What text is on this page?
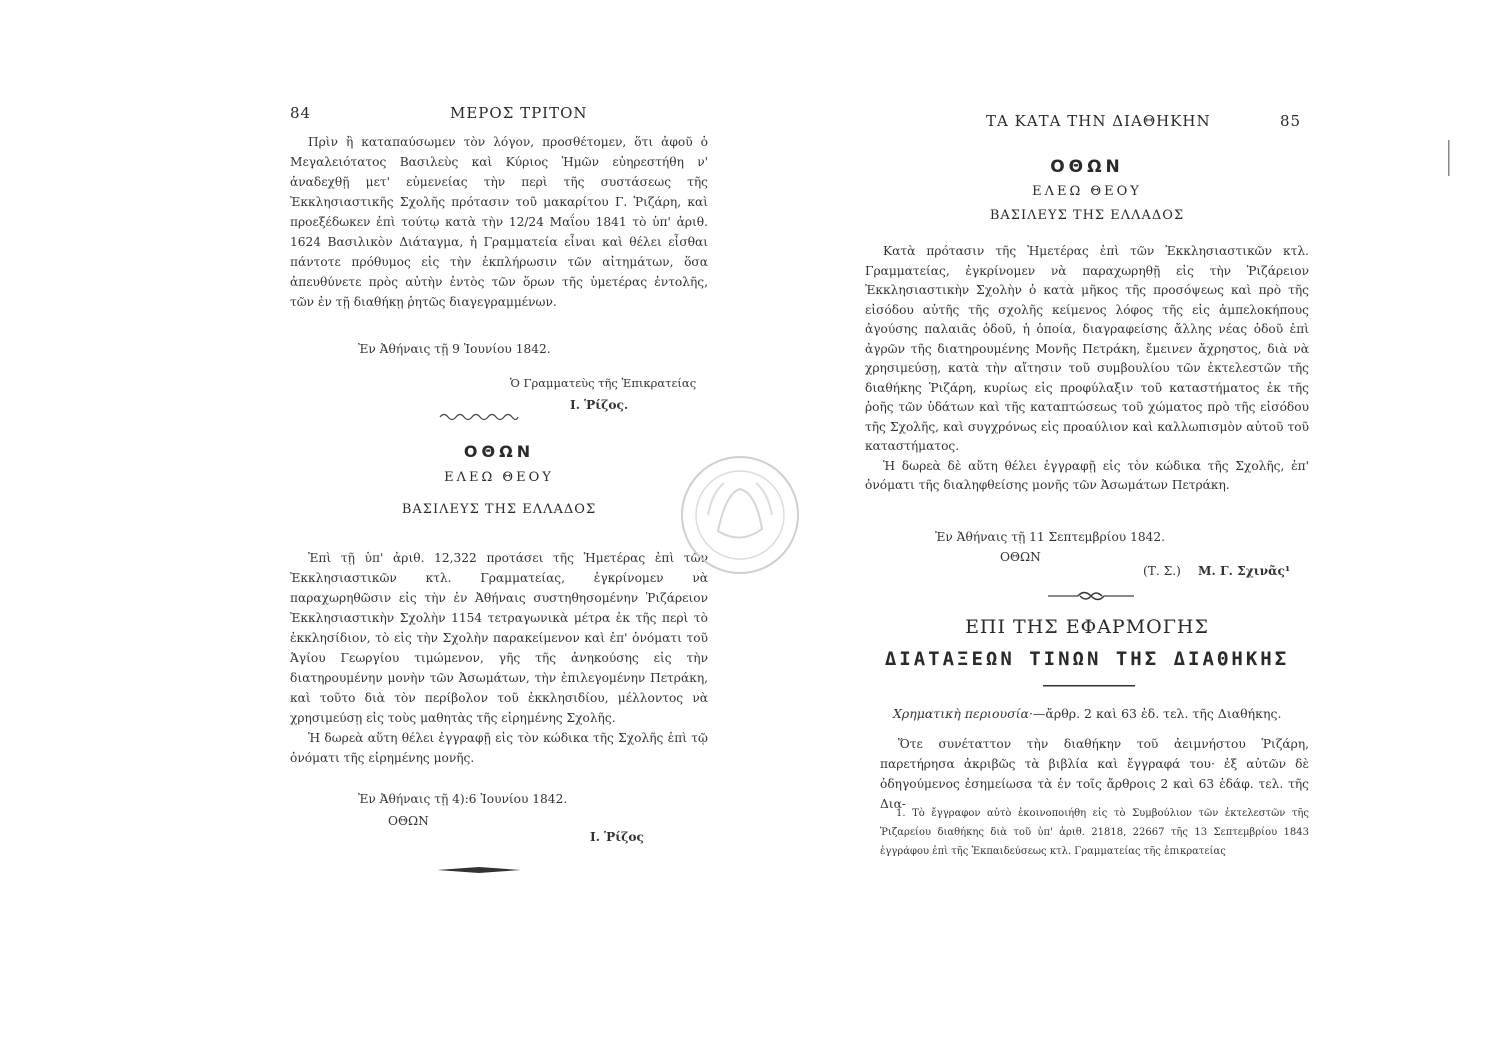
84	ΜΕΡΟΣ ΤΡΙΤΟΝ

Πρὶν ἢ καταπαύσωμεν τὸν λόγον, προσθέτομεν, ὅτι ἀφοῦ ὁ Μεγαλειότατος Βασιλεὺς καὶ Κύριος Ἡμῶν εὐηρεστήθη ν' ἀναδεχθῇ μετ' εὐμενείας τὴν περὶ τῆς συστάσεως τῆς Ἐκκλησιαστικῆς Σχολῆς πρότασιν τοῦ μακαρίτου Γ. Ῥιζάρη, καὶ προεξέδωκεν ἐπὶ τούτῳ κατὰ τὴν 12/24 Μαΐου 1841 τὸ ὑπ' ἀριθ. 1624 Βασιλικὸν Διάταγμα, ἡ Γραμματεία εἶναι καὶ θέλει εἶσθαι πάντοτε πρόθυμος εἰς τὴν ἐκπλήρωσιν τῶν αἰτημάτων, ὅσα ἀπευθύνετε πρὸς αὐτὴν ἐντὸς τῶν ὅρων τῆς ὑμετέρας ἐντολῆς, τῶν ἐν τῇ διαθήκῃ ῥητῶς διαγεγραμμένων.

Ἐν Ἀθήναις τῇ 9 Ἰουνίου 1842.
Ὁ Γραμματεὺς τῆς Ἐπικρατείας
Ι. Ῥίζος.
ΟΘΩΝ
ΕΛΕΩ ΘΕΟΥ
ΒΑΣΙΛΕΥΣ ΤΗΣ ΕΛΛΑΔΟΣ

Ἐπὶ τῇ ὑπ' ἀριθ. 12,322 προτάσει τῆς Ἡμετέρας ἐπὶ τῶν Ἐκκλησιαστικῶν κτλ. Γραμματείας, ἐγκρίνομεν νὰ παραχωρηθῶσιν εἰς τὴν ἐν Ἀθήναις συστηθησομένην Ῥιζάρειον Ἐκκλησιαστικὴν Σχολὴν 1154 τετραγωνικὰ μέτρα ἐκ τῆς περὶ τὸ ἐκκλησίδιον, τὸ εἰς τὴν Σχολὴν παρακείμενον καὶ ἐπ' ὀνόματι τοῦ Ἁγίου Γεωργίου τιμώμενον, γῆς τῆς ἀνηκούσης εἰς τὴν διατηρουμένην μονὴν τῶν Ἀσωμάτων, τὴν ἐπιλεγομένην Πετράκη, καὶ τοῦτο διὰ τὸν περίβολον τοῦ ἐκκλησιδίου, μέλλοντος νὰ χρησιμεύσῃ εἰς τοὺς μαθητὰς τῆς εἰρημένης Σχολῆς.

Ἡ δωρεὰ αὕτη θέλει ἐγγραφῇ εἰς τὸν κώδικα τῆς Σχολῆς ἐπὶ τῷ ὀνόματι τῆς εἰρημένης μονῆς.

Ἐν Ἀθήναις τῇ 4):6 Ἰουνίου 1842.
ΟΘΩΝ
Ι. Ῥίζος
ΤΑ ΚΑΤΑ ΤΗΝ ΔΙΑΘΗΚΗΝ	85
ΟΘΩΝ
ΕΛΕΩ ΘΕΟΥ
ΒΑΣΙΛΕΥΣ ΤΗΣ ΕΛΛΑΔΟΣ

Κατὰ πρότασιν τῆς Ἡμετέρας ἐπὶ τῶν Ἐκκλησιαστικῶν κτλ. Γραμματείας, ἐγκρίνομεν νὰ παραχωρηθῇ εἰς τὴν Ῥιζάρειον Ἐκκλησιαστικὴν Σχολὴν ὁ κατὰ μῆκος τῆς προσόψεως καὶ πρὸ τῆς εἰσόδου αὐτῆς τῆς σχολῆς κείμενος λόφος τῆς εἰς ἀμπελοκήπους ἀγούσης παλαιᾶς ὁδοῦ, ἡ ὁποία, διαγραφείσης ἄλλης νέας ὁδοῦ ἐπὶ ἀγρῶν τῆς διατηρουμένης Μονῆς Πετράκη, ἔμεινεν ἄχρηστος, διὰ νὰ χρησιμεύσῃ, κατὰ τὴν αἴτησιν τοῦ συμβουλίου τῶν ἐκτελεστῶν τῆς διαθήκης Ῥιζάρη, κυρίως εἰς προφύλαξιν τοῦ καταστήματος ἐκ τῆς ῥοῆς τῶν ὑδάτων καὶ τῆς καταπτώσεως τοῦ χώματος πρὸ τῆς εἰσόδου τῆς Σχολῆς, καὶ συγχρόνως εἰς προαύλιον καὶ καλλωπισμὸν αὐτοῦ τοῦ καταστήματος.

Ἡ δωρεὰ δὲ αὕτη θέλει ἐγγραφῇ εἰς τὸν κώδικα τῆς Σχολῆς, ἐπ' ὀνόματι τῆς διαληφθείσης μονῆς τῶν Ἀσωμάτων Πετράκη.

Ἐν Ἀθήναις τῇ 11 Σεπτεμβρίου 1842.
ΟΘΩΝ
(Τ. Σ.) Μ. Γ. Σχινᾶς¹
ΕΠΙ ΤΗΣ ΕΦΑΡΜΟΓΗΣ
ΔΙΑΤΑΞΕΩΝ ΤΙΝΩΝ ΤΗΣ ΔΙΑΘΗΚΗΣ
Χρηματικὴ περιουσία·—ἄρθρ. 2 καὶ 63 ἐδ. τελ. τῆς Διαθήκης.

Ὅτε συνέταττον τὴν διαθήκην τοῦ ἀειμνήστου Ῥιζάρη, παρετήρησα ἀκριβῶς τὰ βιβλία καὶ ἔγγραφά του· ἐξ αὐτῶν δὲ ὁδηγούμενος ἐσημείωσα τὰ ἐν τοῖς ἄρθροις 2 καὶ 63 ἐδάφ. τελ. τῆς Δια-

1. Τὸ ἔγγραφον αὐτὸ ἐκοινοποιήθη εἰς τὸ Συμβούλιον τῶν ἐκτελεστῶν τῆς Ῥιζαρείου διαθήκης διὰ τοῦ ὑπ' ἀριθ. 21818, 22667 τῆς 13 Σεπτεμβρίου 1843 ἐγγράφου ἐπὶ τῆς Ἐκπαιδεύσεως κτλ. Γραμματείας τῆς ἐπικρατείας
